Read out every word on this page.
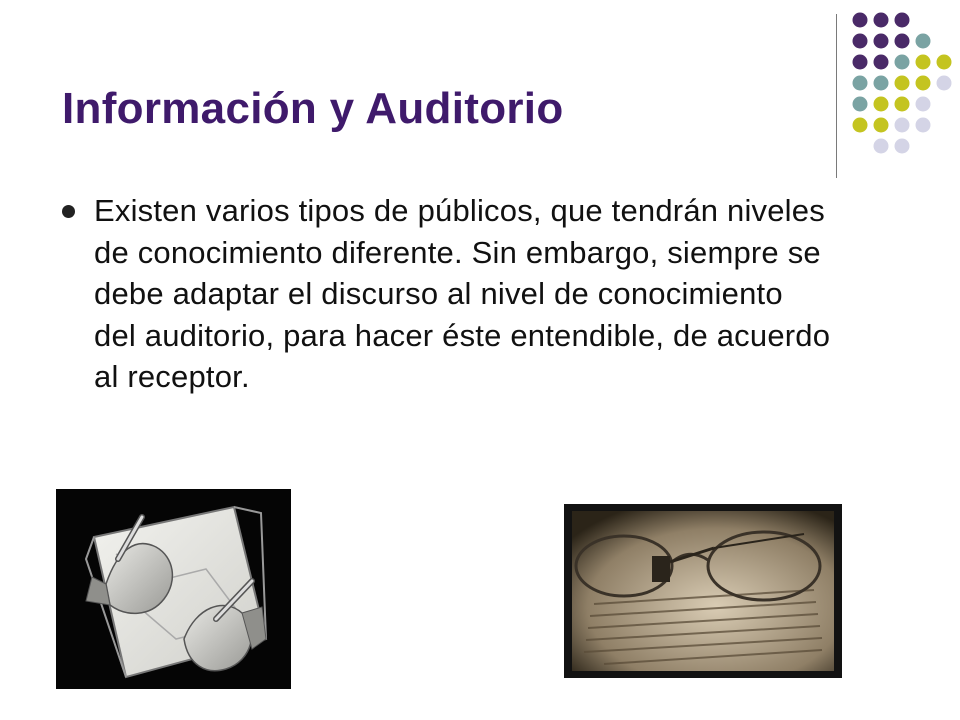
Información y Auditorio
Existen varios tipos de públicos, que tendrán niveles de conocimiento diferente. Sin embargo, siempre se debe adaptar el discurso al nivel de conocimiento del auditorio, para hacer éste entendible, de acuerdo al receptor.
